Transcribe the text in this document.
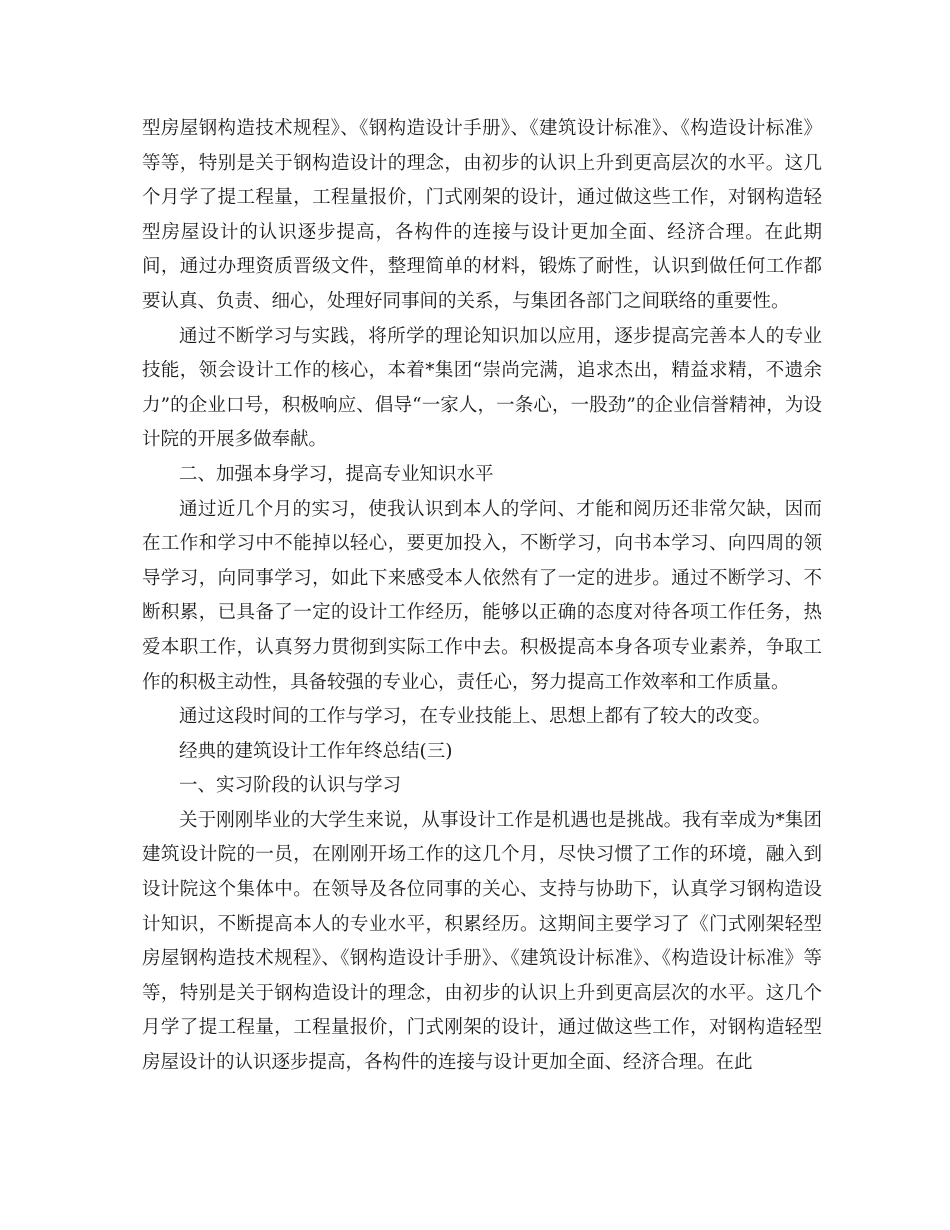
型房屋钢构造技术规程》、《钢构造设计手册》、《建筑设计标准》、《构造设计标准》等等，特别是关于钢构造设计的理念，由初步的认识上升到更高层次的水平。这几个月学了提工程量，工程量报价，门式刚架的设计，通过做这些工作，对钢构造轻型房屋设计的认识逐步提高，各构件的连接与设计更加全面、经济合理。在此期间，通过办理资质晋级文件，整理简单的材料，锻炼了耐性，认识到做任何工作都要认真、负责、细心，处理好同事间的关系，与集团各部门之间联络的重要性。

通过不断学习与实践，将所学的理论知识加以应用，逐步提高完善本人的专业技能，领会设计工作的核心，本着*集团“崇尚完满，追求杰出，精益求精，不遗余力”的企业口号，积极响应、倡导“一家人，一条心，一股劲”的企业信誉精神，为设计院的开展多做奉献。

二、加强本身学习，提高专业知识水平

通过近几个月的实习，使我认识到本人的学问、才能和阅历还非常欠缺，因而在工作和学习中不能掉以轻心，要更加投入，不断学习，向书本学习、向四周的领导学习，向同事学习，如此下来感受本人依然有了一定的进步。通过不断学习、不断积累，已具备了一定的设计工作经历，能够以正确的态度对待各项工作任务，热爱本职工作，认真努力贯彻到实际工作中去。积极提高本身各项专业素养，争取工作的积极主动性，具备较强的专业心，责任心，努力提高工作效率和工作质量。

通过这段时间的工作与学习，在专业技能上、思想上都有了较大的改变。

经典的建筑设计工作年终总结(三)

一、实习阶段的认识与学习

关于刚刚毕业的大学生来说，从事设计工作是机遇也是挑战。我有幸成为*集团建筑设计院的一员，在刚刚开场工作的这几个月，尽快习惯了工作的环境，融入到设计院这个集体中。在领导及各位同事的关心、支持与协助下，认真学习钢构造设计知识，不断提高本人的专业水平，积累经历。这期间主要学习了《门式刚架轻型房屋钢构造技术规程》、《钢构造设计手册》、《建筑设计标准》、《构造设计标准》等等，特别是关于钢构造设计的理念，由初步的认识上升到更高层次的水平。这几个月学了提工程量，工程量报价，门式刚架的设计，通过做这些工作，对钢构造轻型房屋设计的认识逐步提高，各构件的连接与设计更加全面、经济合理。在此
